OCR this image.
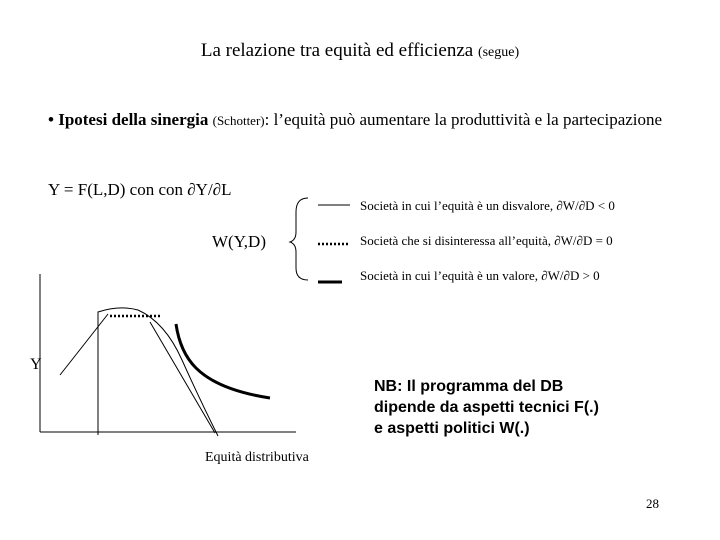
La relazione tra equità ed efficienza (segue)
• Ipotesi della sinergia (Schotter): l’equità può aumentare la produttività e la partecipazione
Y = F(L,D) con con ∂Y/∂L
W(Y,D)
Società in cui l’equità è un disvalore, ∂W/∂D < 0
Società che si disinteressa all’equità, ∂W/∂D = 0
Società in cui l’equità è un valore, ∂W/∂D > 0
Y
Equità distributiva
NB: Il programma del DB
dipende da aspetti tecnici F(.)
e aspetti politici W(.)
28
